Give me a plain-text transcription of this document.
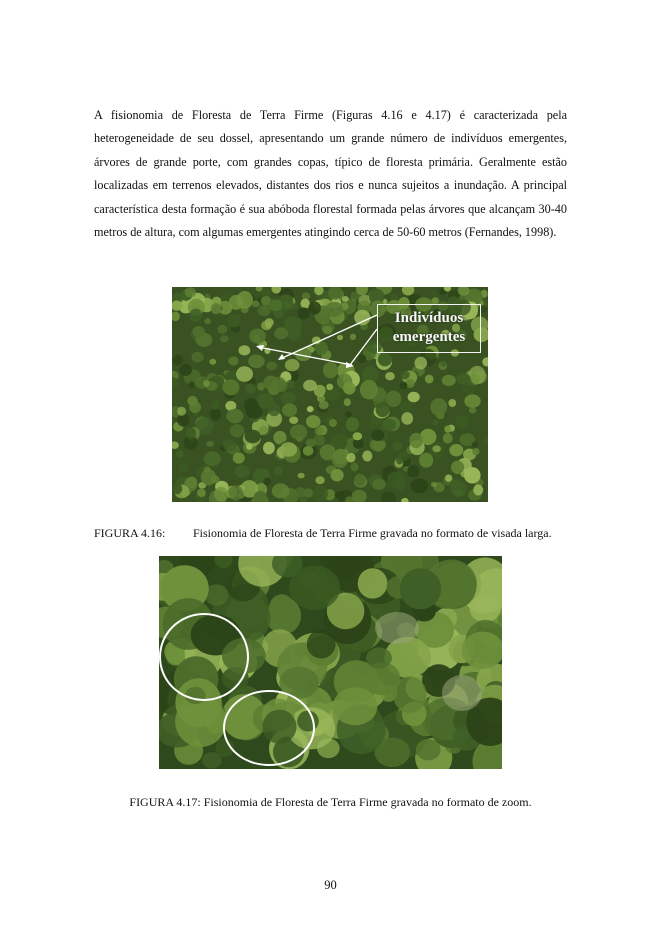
A fisionomia de Floresta de Terra Firme (Figuras 4.16 e 4.17) é caracterizada pela heterogeneidade de seu dossel, apresentando um grande número de indivíduos emergentes, árvores de grande porte, com grandes copas, típico de floresta primária. Geralmente estão localizadas em terrenos elevados, distantes dos rios e nunca sujeitos a inundação. A principal característica desta formação é sua abóboda florestal formada pelas árvores que alcançam 30-40 metros de altura, com algumas emergentes atingindo cerca de 50-60 metros (Fernandes, 1998).

Indivíduos
emergentes

FIGURA 4.16: Fisionomia de Floresta de Terra Firme gravada no formato de visada larga.

FIGURA 4.17: Fisionomia de Floresta de Terra Firme gravada no formato de zoom.

90
